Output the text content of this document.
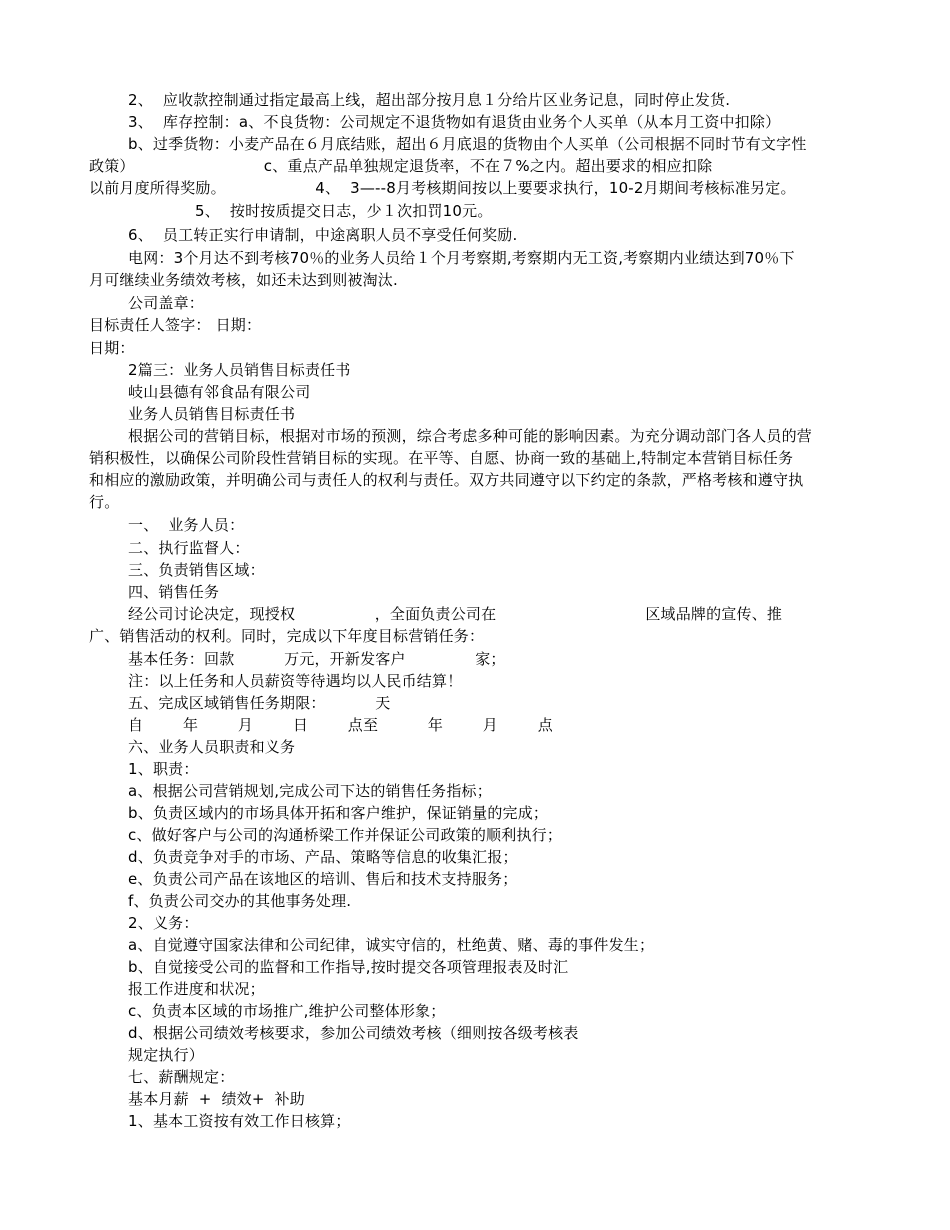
2、  应收款控制通过指定最高上线，超出部分按月息１分给片区业务记息，同时停止发货.
3、  库存控制：a、不良货物：公司规定不退货物如有退货由业务个人买单（从本月工资中扣除）
b、过季货物：小麦产品在６月底结账，超出６月底退的货物由个人买单（公司根据不同时节有文字性
政策）                          c、重点产品单独规定退货率，不在７%之内。超出要求的相应扣除
以前月度所得奖励。                  4、  3—--8月考核期间按以上要要求执行，10-2月期间考核标准另定。
5、  按时按质提交日志，少１次扣罚10元。
6、  员工转正实行申请制，中途离职人员不享受任何奖励.
电网：3个月达不到考核70％的业务人员给１个月考察期,考察期内无工资,考察期内业绩达到70％下
月可继续业务绩效考核，如还未达到则被淘汰.
公司盖章：
目标责任人签字： 日期：
日期：
2篇三：业务人员销售目标责任书
岐山县德有邻食品有限公司
业务人员销售目标责任书
根据公司的营销目标，根据对市场的预测，综合考虑多种可能的影响因素。为充分调动部门各人员的营
销积极性，以确保公司阶段性营销目标的实现。在平等、自愿、协商一致的基础上,特制定本营销目标任务
和相应的激励政策，并明确公司与责任人的权利与责任。双方共同遵守以下约定的条款，严格考核和遵守执
行。
一、  业务人员：
二、执行监督人：
三、负责销售区域：
四、销售任务
经公司讨论决定，现授权                ，全面负责公司在                              区域品牌的宣传、推
广、销售活动的权利。同时，完成以下年度目标营销任务：
基本任务：回款          万元，开新发客户              家；
注：以上任务和人员薪资等待遇均以人民币结算！
五、完成区域销售任务期限：          天
自        年        月        日        点至          年        月        点
六、业务人员职责和义务
1、职责：
a、根据公司营销规划,完成公司下达的销售任务指标；
b、负责区域内的市场具体开拓和客户维护，保证销量的完成；
c、做好客户与公司的沟通桥梁工作并保证公司政策的顺利执行；
d、负责竞争对手的市场、产品、策略等信息的收集汇报；
e、负责公司产品在该地区的培训、售后和技术支持服务；
f、负责公司交办的其他事务处理.
2、义务：
a、自觉遵守国家法律和公司纪律，诚实守信的，杜绝黄、赌、毒的事件发生；
b、自觉接受公司的监督和工作指导,按时提交各项管理报表及时汇
报工作进度和状况；
c、负责本区域的市场推广,维护公司整体形象；
d、根据公司绩效考核要求，参加公司绩效考核（细则按各级考核表
规定执行）
七、薪酬规定：
基本月薪  +  绩效+  补助
1、基本工资按有效工作日核算；
